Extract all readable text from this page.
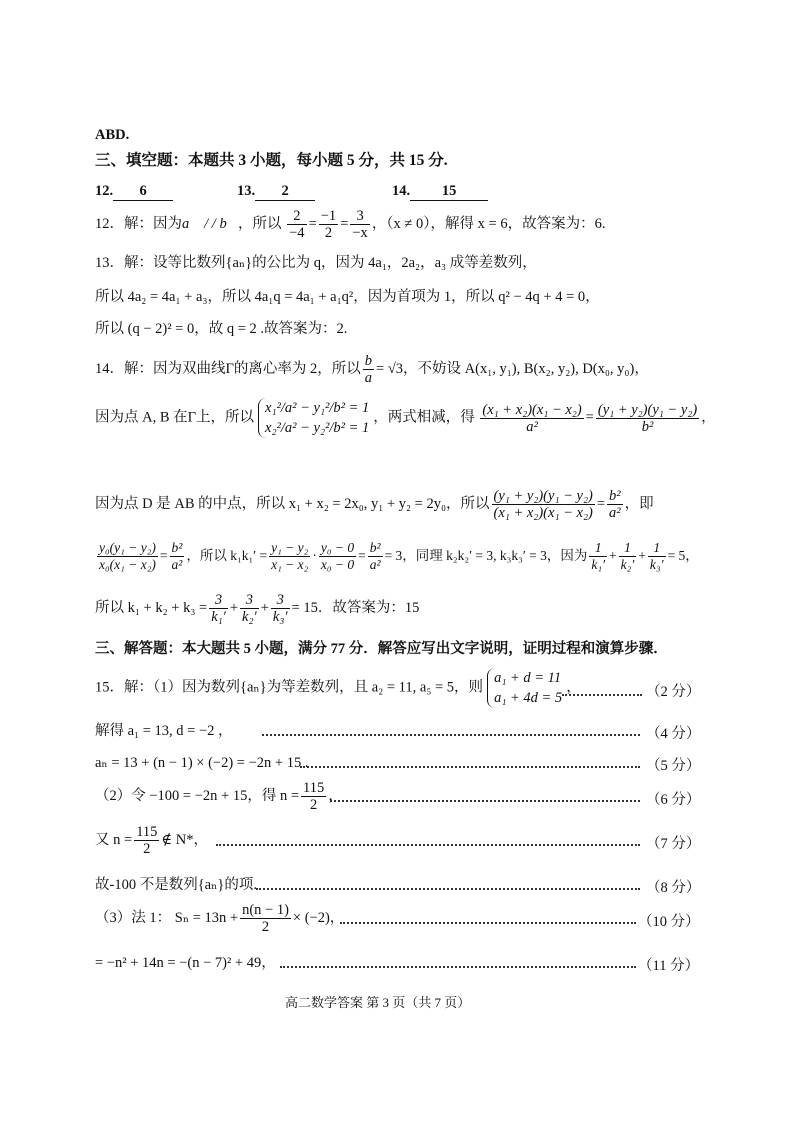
ABD.
三、填空题：本题共 3 小题，每小题 5 分，共 15 分.
12. 6	13. 2	14. 15
12．解：因为a⃗ / / b⃗，所以 $\frac{2}{-4} = \frac{-1}{2} = \frac{3}{-x}$ ，（x ≠ 0），解得 x = 6，故答案为：6.
13．解：设等比数列{aₙ}的公比为 q，因为 4a₁，2a₂，a₃ 成等差数列，
所以 4a₂ = 4a₁ + a₃，所以 4a₁q = 4a₁ + a₁q²，因为首项为 1，所以 q² − 4q + 4 = 0，
所以 (q − 2)² = 0，故 q = 2 .故答案为：2.
14．解：因为双曲线Γ的离心率为 2，所以 $\frac{b}{a} = √3$，不妨设 A(x₁, y₁), B(x₂, y₂), D(x₀, y₀)，
因为点 A, B 在Γ上，所以
x₁²/a² − y₁²/b² = 1
x₂²/a² − y₂²/b² = 1
，两式相减，得 $\frac{\text{(x₁ + x₂)(x₁ − x₂)}}{\text{a²}} = \frac{\text{(y₁ + y₂)(y₁ − y₂)}}{\text{b²}}$ ，
因为点 D 是 AB 的中点，所以 x₁ + x₂ = 2x₀, y₁ + y₂ = 2y₀，所以 $\frac{\text{(y₁ + y₂)(y₁ − y₂)}}{\text{(x₁ + x₂)(x₁ − x₂)}} = \frac{\text{b²}}{\text{a²}}$ ，即
$\frac{\text{y₀(y₁ − y₂)}}{\text{x₀(x₁ − x₂)}} = \frac{\text{b²}}{\text{a²}}$ ，所以 $k_1k_1' = \frac{\text{y₁ − y₂}}{\text{x₁ − x₂}} \cdot \frac{\text{y₀ − 0}}{\text{x₀ − 0}} = \frac{\text{b²}}{\text{a²}} = 3$，同理 k₂k₂′ = 3, k₃k₃′ = 3，因为 $\frac{1}{\text{k₁′}} + \frac{1}{\text{k₂′}} + \frac{1}{\text{k₃′}} = 5$，
所以 $k_1 + k_2 + k_3 = \frac{3}{\text{k₁′}} + \frac{3}{\text{k₂′}} + \frac{3}{\text{k₃′}} = 15$．故答案为：15
三、解答题：本大题共 5 小题，满分 77 分．解答应写出文字说明，证明过程和演算步骤．
15．解：（1）因为数列{aₙ}为等差数列，且 a₂ = 11, a₅ = 5，则
a₁ + d = 11
a₁ + 4d = 5
，	（2 分）
解得 a₁ = 13, d = −2 ，	（4 分）
aₙ = 13 + (n − 1) × (−2) = −2n + 15 .	（5 分）
（2）令 −100 = −2n + 15，得 $n = \frac{115}{2}$ ，	（6 分）
又 $n = \frac{115}{2}$ ∉ N*，	（7 分）
故-100 不是数列{aₙ}的项.	（8 分）
（3）法 1： $S_n = 13n + \frac{n(n - 1)}{2} \times (-2)$，	（10 分）
= −n² + 14n = −(n − 7)² + 49，	（11 分）
高二数学答案 第 3 页（共 7 页）
